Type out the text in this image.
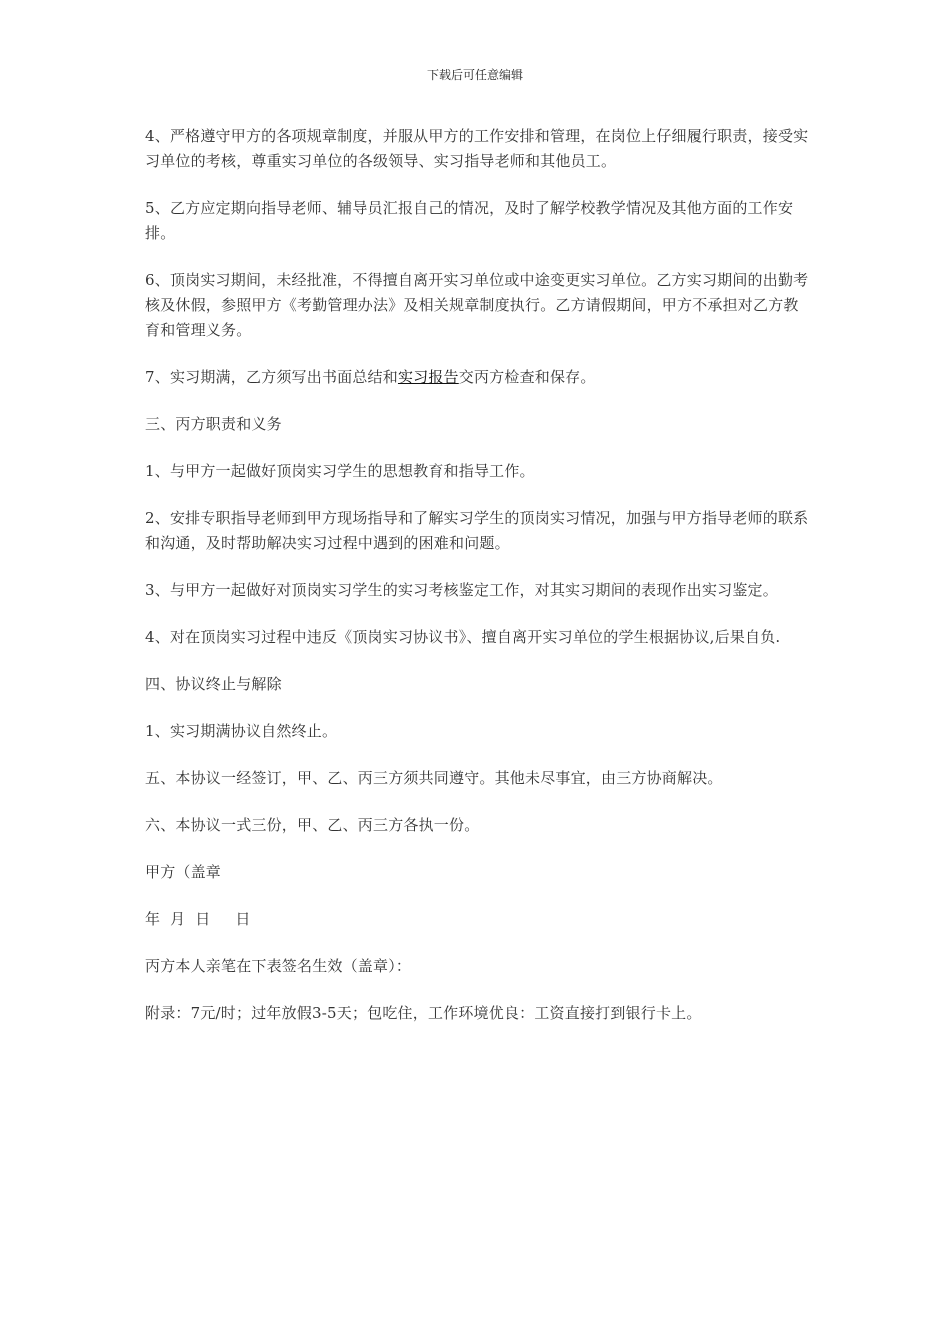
下载后可任意编辑

4、严格遵守甲方的各项规章制度，并服从甲方的工作安排和管理，在岗位上仔细履行职责，接受实习单位的考核，尊重实习单位的各级领导、实习指导老师和其他员工。

5、乙方应定期向指导老师、辅导员汇报自己的情况，及时了解学校教学情况及其他方面的工作安排。

6、顶岗实习期间，未经批准，不得擅自离开实习单位或中途变更实习单位。乙方实习期间的出勤考核及休假，参照甲方《考勤管理办法》及相关规章制度执行。乙方请假期间，甲方不承担对乙方教育和管理义务。

7、实习期满，乙方须写出书面总结和实习报告交丙方检查和保存。

三、丙方职责和义务

1、与甲方一起做好顶岗实习学生的思想教育和指导工作。

2、安排专职指导老师到甲方现场指导和了解实习学生的顶岗实习情况，加强与甲方指导老师的联系和沟通，及时帮助解决实习过程中遇到的困难和问题。

3、与甲方一起做好对顶岗实习学生的实习考核鉴定工作，对其实习期间的表现作出实习鉴定。

4、对在顶岗实习过程中违反《顶岗实习协议书》、擅自离开实习单位的学生根据协议,后果自负.

四、协议终止与解除

1、实习期满协议自然终止。

五、本协议一经签订，甲、乙、丙三方须共同遵守。其他未尽事宜，由三方协商解决。

六、本协议一式三份，甲、乙、丙三方各执一份。

甲方（盖章

年  月  日     日

丙方本人亲笔在下表签名生效（盖章）：

附录：7元/时；过年放假3-5天；包吃住，工作环境优良：工资直接打到银行卡上。
